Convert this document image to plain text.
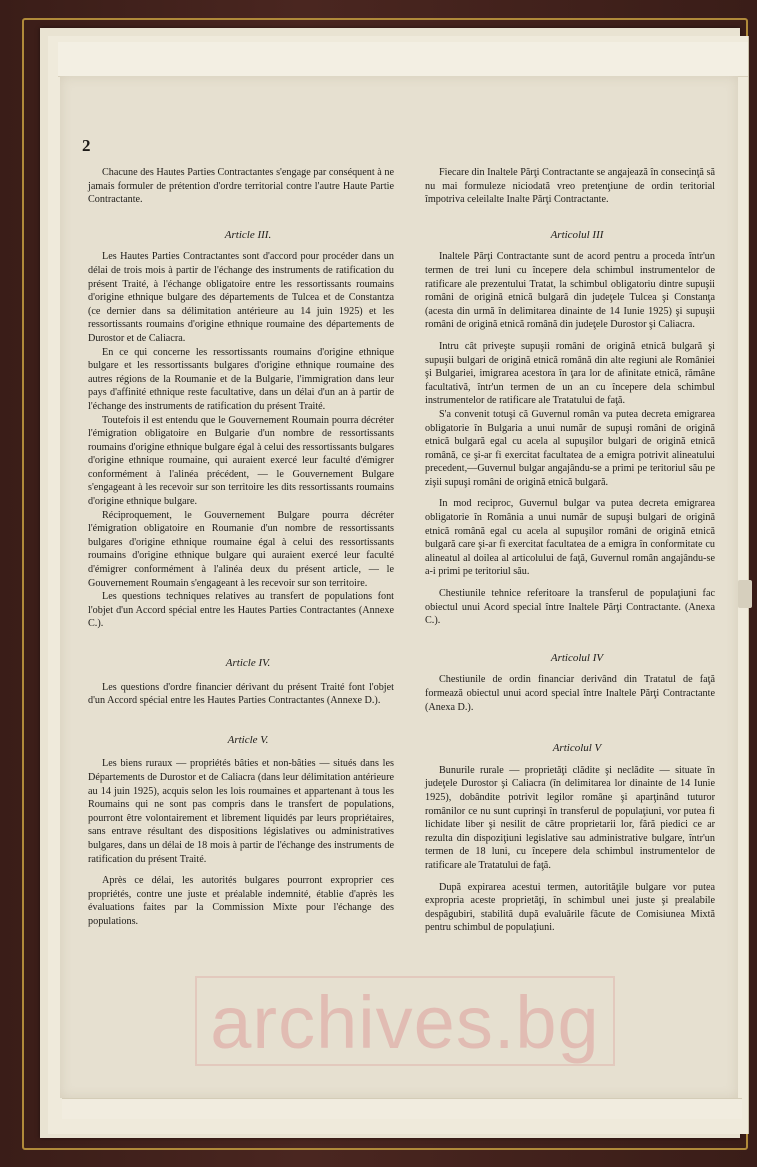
2

Chacune des Hautes Parties Contractantes s'engage par conséquent à ne jamais formuler de prétention d'ordre territorial contre l'autre Haute Partie Contractante.

Article III.

Les Hautes Parties Contractantes sont d'accord pour procéder dans un délai de trois mois à partir de l'échange des instruments de ratification du présent Traité, à l'échange obligatoire entre les ressortissants roumains d'origine ethnique bulgare des départements de Tulcea et de Constantza (ce dernier dans sa délimitation antérieure au 14 juin 1925) et les ressortissants roumains d'origine ethnique roumaine des départements de Durostor et de Caliacra.

En ce qui concerne les ressortissants roumains d'origine ethnique bulgare et les ressortissants bulgares d'origine ethnique roumaine des autres régions de la Roumanie et de la Bulgarie, l'immigration dans leur pays d'affinité ethnique reste facultative, dans un délai d'un an à partir de l'échange des instruments de ratification du présent Traité.

Toutefois il est entendu que le Gouvernement Roumain pourra décréter l'émigration obligatoire en Bulgarie d'un nombre de ressortissants roumains d'origine ethnique bulgare égal à celui des ressortissants bulgares d'origine ethnique roumaine, qui auraient exercé leur faculté d'émigrer conformément à l'alinéa précédent, — le Gouvernement Bulgare s'engageant à les recevoir sur son territoire les dits ressortissants roumains d'origine ethnique bulgare.

Réciproquement, le Gouvernement Bulgare pourra décréter l'émigration obligatoire en Roumanie d'un nombre de ressortissants bulgares d'origine ethnique roumaine égal à celui des ressortissants roumains d'origine ethnique bulgare qui auraient exercé leur faculté d'émigrer conformément à l'alinéa deux du présent article, — le Gouvernement Roumain s'engageant à les recevoir sur son territoire.

Les questions techniques relatives au transfert de populations font l'objet d'un Accord spécial entre les Hautes Parties Contractantes (Annexe C.).

Article IV.

Les questions d'ordre financier dérivant du présent Traité font l'objet d'un Accord spécial entre les Hautes Parties Contractantes (Annexe D.).

Article V.

Les biens ruraux — propriétés bâties et non-bâties — situés dans les Départements de Durostor et de Caliacra (dans leur délimitation antérieure au 14 juin 1925), acquis selon les lois roumaines et appartenant à tous les Roumains qui ne sont pas compris dans le transfert de populations, pourront être volontairement et librement liquidés par leurs propriétaires, sans entrave résultant des dispositions législatives ou administratives bulgares, dans un délai de 18 mois à partir de l'échange des instruments de ratification du présent Traité.

Après ce délai, les autorités bulgares pourront exproprier ces propriétés, contre une juste et préalable indemnité, établie d'après les évaluations faites par la Commission Mixte pour l'échange des populations.

Fiecare din Inaltele Părţi Contractante se angajează în consecinţă să nu mai formuleze niciodată vreo pretenţiune de ordin teritorial împotriva celeilalte Inalte Părţi Contractante.

Articolul III

Inaltele Părţi Contractante sunt de acord pentru a proceda într'un termen de trei luni cu începere dela schimbul instrumentelor de ratificare ale prezentului Tratat, la schimbul obligatoriu dintre supuşii români de origină etnică bulgară din judeţele Tulcea şi Constanţa (acesta din urmă în delimitarea dinainte de 14 Iunie 1925) şi supuşii români de origină etnică română din judeţele Durostor şi Caliacra.

Intru cât priveşte supuşii români de origină etnică bulgară şi supuşii bulgari de origină etnică română din alte regiuni ale României şi Bulgariei, imigrarea acestora în ţara lor de afinitate etnică, rămâne facultativă, într'un termen de un an cu începere dela schimbul instrumentelor de ratificare ale Tratatului de faţă.

S'a convenit totuşi că Guvernul român va putea decreta emigrarea obligatorie în Bulgaria a unui număr de supuşi români de origină etnică bulgară egal cu acela al supuşilor bulgari de origină etnică română, ce şi-ar fi exercitat facultatea de a emigra potrivit alineatului precedent,—Guvernul bulgar angajându-se a primi pe teritoriul său pe zişii supuşi români de origină etnică bulgară.

In mod reciproc, Guvernul bulgar va putea decreta emigrarea obligatorie în România a unui număr de supuşi bulgari de origină etnică română egal cu acela al supuşilor români de origină etnică bulgară care şi-ar fi exercitat facultatea de a emigra în conformitate cu alineatul al doilea al articolului de faţă, Guvernul român angajându-se a-i primi pe teritoriul său.

Chestiunile tehnice referitoare la transferul de populaţiuni fac obiectul unui Acord special între Inaltele Părţi Contractante. (Anexa C.).

Articolul IV

Chestiunile de ordin financiar derivând din Tratatul de faţă formează obiectul unui acord special între Inaltele Părţi Contractante (Anexa D.).

Articolul V

Bunurile rurale — proprietăţi clădite şi neclădite — situate în judeţele Durostor şi Caliacra (în delimitarea lor dinainte de 14 Iunie 1925), dobândite potrivit legilor române şi aparţinând tuturor românilor ce nu sunt cuprinşi în transferul de populaţiuni, vor putea fi lichidate liber şi nesilit de către proprietarii lor, fără piedici ce ar rezulta din dispoziţiuni legislative sau administrative bulgare, într'un termen de 18 luni, cu începere dela schimbul instrumentelor de ratificare ale Tratatului de faţă.

După expirarea acestui termen, autorităţile bulgare vor putea expropria aceste proprietăţi, în schimbul unei juste şi prealabile despăgubiri, stabilită după evaluările făcute de Comisiunea Mixtă pentru schimbul de populaţiuni.

archives.bg
